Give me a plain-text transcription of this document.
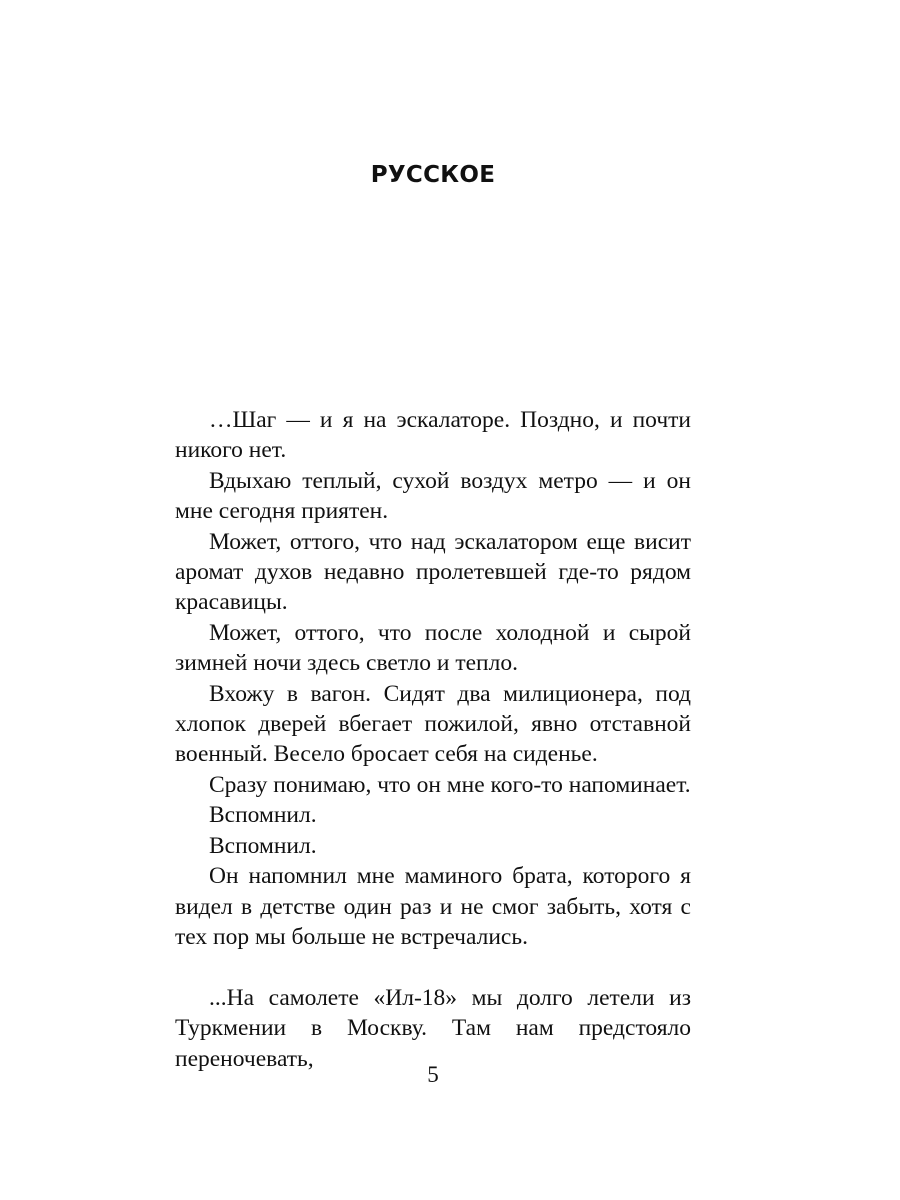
РУССКОЕ

…Шаг — и я на эскалаторе. Поздно, и почти никого нет.

Вдыхаю теплый, сухой воздух метро — и он мне сегодня приятен.

Может, оттого, что над эскалатором еще висит аромат духов недавно пролетевшей где-то рядом красавицы.

Может, оттого, что после холодной и сырой зимней ночи здесь светло и тепло.

Вхожу в вагон. Сидят два милиционера, под хлопок дверей вбегает пожилой, явно отставной военный. Весело бросает себя на сиденье.

Сразу понимаю, что он мне кого-то напоминает.

Вспомнил.

Вспомнил.

Он напомнил мне маминого брата, которого я видел в детстве один раз и не смог забыть, хотя с тех пор мы больше не встречались.

...На самолете «Ил-18» мы долго летели из Туркмении в Москву. Там нам предстояло переночевать,

5
